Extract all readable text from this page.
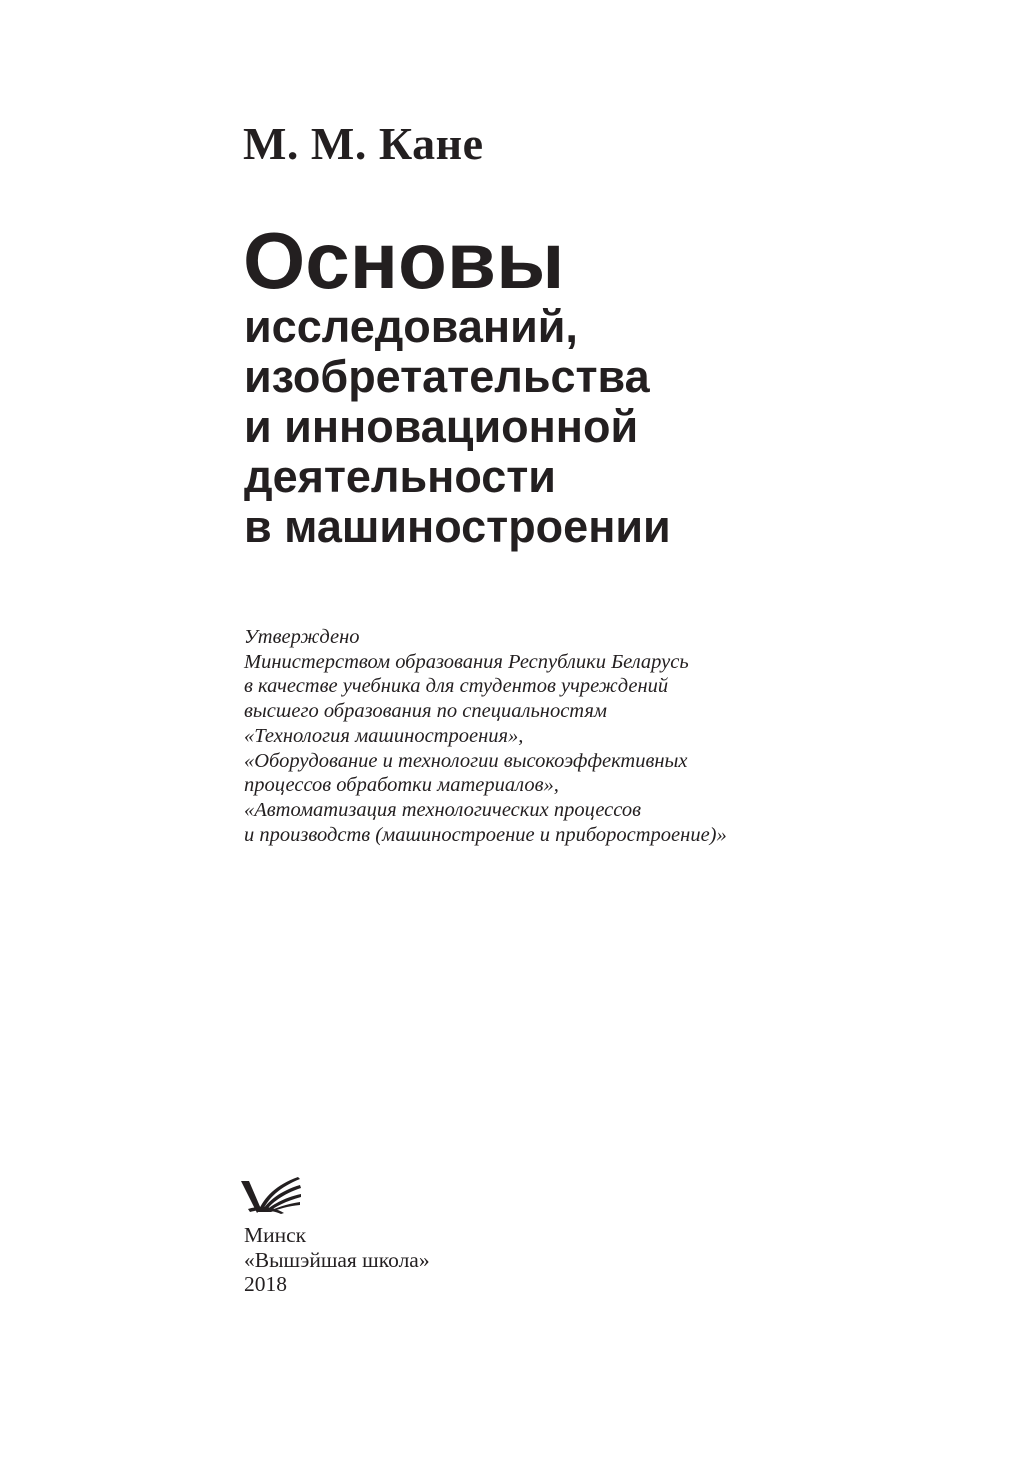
М. М. Кане
Основы
исследований,
изобретательства
и инновационной
деятельности
в машиностроении
Утверждено
Министерством образования Республики Беларусь
в качестве учебника для студентов учреждений
высшего образования по специальностям
«Технология машиностроения»,
«Оборудование и технологии высокоэффективных
процессов обработки материалов»,
«Автоматизация технологических процессов
и производств (машиностроение и приборостроение)»
Минск
«Вышэйшая школа»
2018
